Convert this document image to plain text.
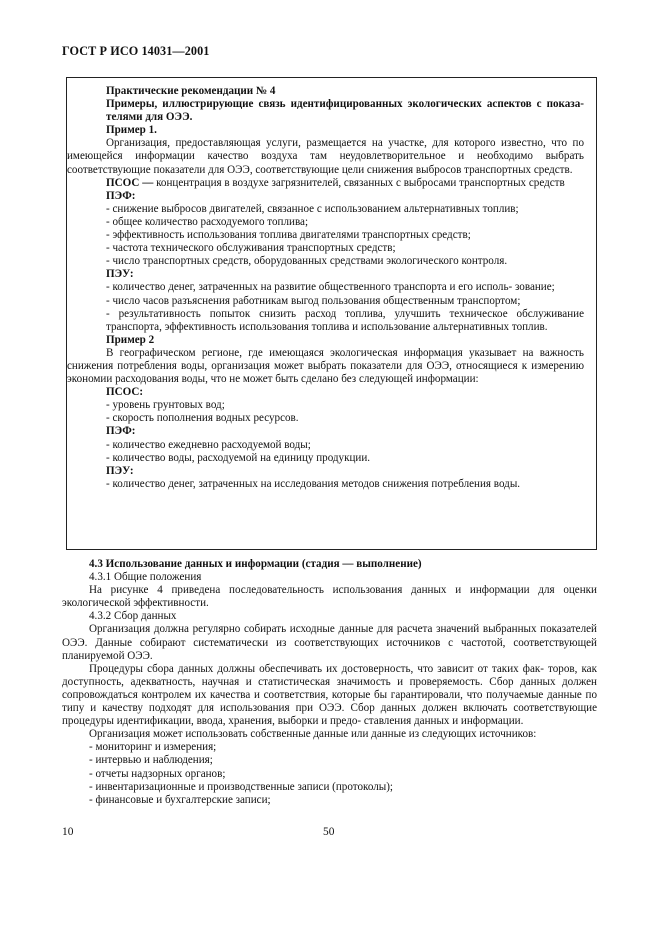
ГОСТ Р ИСО 14031—2001

Практические рекомендации № 4

Примеры, иллюстрирующие связь идентифицированных экологических аспектов с показа- телями для ОЭЭ.

Пример 1.

Организация, предоставляющая услуги, размещается на участке, для которого известно, что по имеющейся информации качество воздуха там неудовлетворительное и необходимо выбрать соответствующие показатели для ОЭЭ, соответствующие цели снижения выбросов транспортных средств.

ПСОС — концентрация в воздухе загрязнителей, связанных с выбросами транспортных средств

ПЭФ:

- снижение выбросов двигателей, связанное с использованием альтернативных топлив;

- общее количество расходуемого топлива;

- эффективность использования топлива двигателями транспортных средств;

- частота технического обслуживания транспортных средств;

- число транспортных средств, оборудованных средствами экологического контроля.

ПЭУ:

- количество денег, затраченных на развитие общественного транспорта и его исполь- зование;

- число часов разъяснения работникам выгод пользования общественным транспортом;

- результативность попыток снизить расход топлива, улучшить техническое обслуживание транспорта, эффективность использования топлива и использование альтернативных топлив.

Пример 2

В географическом регионе, где имеющаяся экологическая информация указывает на важность снижения потребления воды, организация может выбрать показатели для ОЭЭ, относящиеся к измерению экономии расходования воды, что не может быть сделано без следующей информации:

ПСОС:

- уровень грунтовых вод;

- скорость пополнения водных ресурсов.

ПЭФ:

- количество ежедневно расходуемой воды;

- количество воды, расходуемой на единицу продукции.

ПЭУ:

- количество денег, затраченных на исследования методов снижения потребления воды.

4.3 Использование данных и информации (стадия — выполнение)

4.3.1 Общие положения

На рисунке 4 приведена последовательность использования данных и информации для оценки экологической эффективности.

4.3.2 Сбор данных

Организация должна регулярно собирать исходные данные для расчета значений выбранных показателей ОЭЭ. Данные собирают систематически из соответствующих источников с частотой, соответствующей планируемой ОЭЭ.

Процедуры сбора данных должны обеспечивать их достоверность, что зависит от таких фак- торов, как доступность, адекватность, научная и статистическая значимость и проверяемость. Сбор данных должен сопровождаться контролем их качества и соответствия, которые бы гарантировали, что получаемые данные по типу и качеству подходят для использования при ОЭЭ. Сбор данных должен включать соответствующие процедуры идентификации, ввода, хранения, выборки и предо- ставления данных и информации.

Организация может использовать собственные данные или данные из следующих источников:

- мониторинг и измерения;

- интервью и наблюдения;

- отчеты надзорных органов;

- инвентаризационные и производственные записи (протоколы);

- финансовые и бухгалтерские записи;

10	50
